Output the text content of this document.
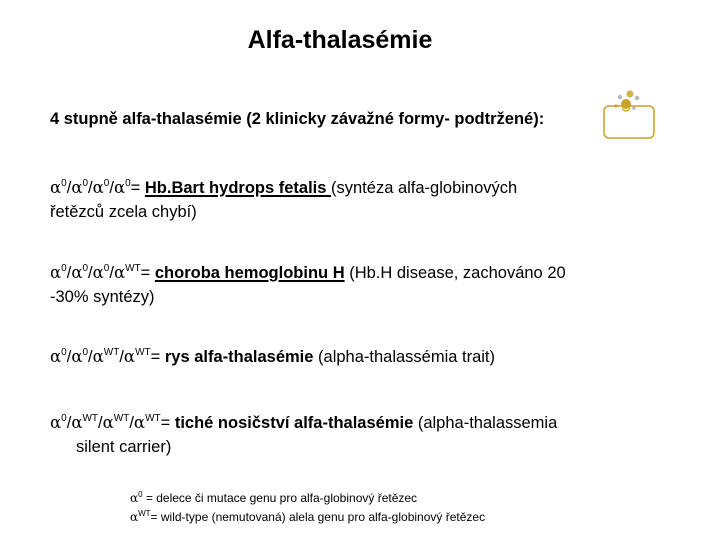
Alfa-thalasémie
4 stupně alfa-thalasémie (2 klinicky závažné formy- podtržené):
$\alpha^0/\alpha^0/\alpha^0/\alpha^0=$ Hb.Bart hydrops fetalis (syntéza alfa-globinových
řetězců zcela chybí)
$\alpha^0/\alpha^0/\alpha^0/\alpha^{WT}=$ choroba hemoglobinu H (Hb.H disease, zachováno 20
-30% syntézy)
$\alpha^0/\alpha^0/\alpha^{WT}/\alpha^{WT}=$ rys alfa-thalasémie (alpha-thalassémia trait)
$\alpha^0/\alpha^{WT}/\alpha^{WT}/\alpha^{WT}=$ tiché nosičství alfa-thalasémie (alpha-thalassemia
silent carrier)
$\alpha^0$ = delece či mutace genu pro alfa-globinový řetězec
$\alpha^{WT}=$ wild-type (nemutovaná) alela genu pro alfa-globinový řetězec
